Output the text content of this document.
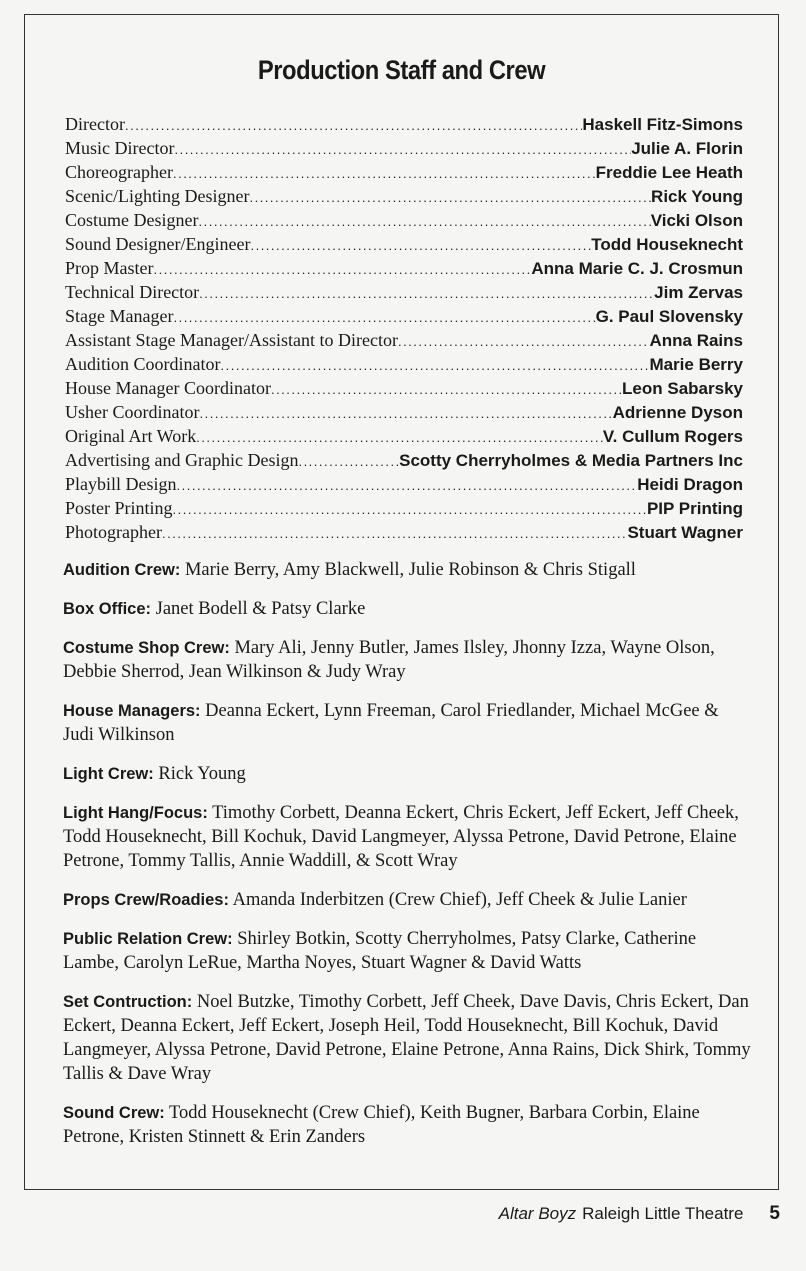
Production Staff and Crew
Director .....	Haskell Fitz-Simons
Music Director .....	Julie A. Florin
Choreographer .....	Freddie Lee Heath
Scenic/Lighting Designer .....	Rick Young
Costume Designer .....	Vicki Olson
Sound Designer/Engineer .....	Todd Houseknecht
Prop Master .....	Anna Marie C. J. Crosmun
Technical Director .....	Jim Zervas
Stage Manager .....	G. Paul Slovensky
Assistant Stage Manager/Assistant to Director .....	Anna Rains
Audition Coordinator .....	Marie Berry
House Manager Coordinator .....	Leon Sabarsky
Usher Coordinator .....	Adrienne Dyson
Original Art Work .....	V. Cullum Rogers
Advertising and Graphic Design .....	Scotty Cherryholmes & Media Partners Inc
Playbill Design .....	Heidi Dragon
Poster Printing .....	PIP Printing
Photographer .....	Stuart Wagner
Audition Crew: Marie Berry, Amy Blackwell, Julie Robinson & Chris Stigall
Box Office: Janet Bodell & Patsy Clarke
Costume Shop Crew: Mary Ali, Jenny Butler, James Ilsley, Jhonny Izza, Wayne Olson, Debbie Sherrod, Jean Wilkinson & Judy Wray
House Managers: Deanna Eckert, Lynn Freeman, Carol Friedlander, Michael McGee & Judi Wilkinson
Light Crew: Rick Young
Light Hang/Focus: Timothy Corbett, Deanna Eckert, Chris Eckert, Jeff Eckert, Jeff Cheek, Todd Houseknecht, Bill Kochuk, David Langmeyer, Alyssa Petrone, David Petrone, Elaine Petrone, Tommy Tallis, Annie Waddill, & Scott Wray
Props Crew/Roadies: Amanda Inderbitzen (Crew Chief), Jeff Cheek & Julie Lanier
Public Relation Crew: Shirley Botkin, Scotty Cherryholmes, Patsy Clarke, Catherine Lambe, Carolyn LeRue, Martha Noyes, Stuart Wagner & David Watts
Set Contruction: Noel Butzke, Timothy Corbett, Jeff Cheek, Dave Davis, Chris Eckert, Dan Eckert, Deanna Eckert, Jeff Eckert, Joseph Heil, Todd Houseknecht, Bill Kochuk, David Langmeyer, Alyssa Petrone, David Petrone, Elaine Petrone, Anna Rains, Dick Shirk, Tommy Tallis & Dave Wray
Sound Crew: Todd Houseknecht (Crew Chief), Keith Bugner, Barbara Corbin, Elaine Petrone, Kristen Stinnett & Erin Zanders
Altar Boyz Raleigh Little Theatre 5
